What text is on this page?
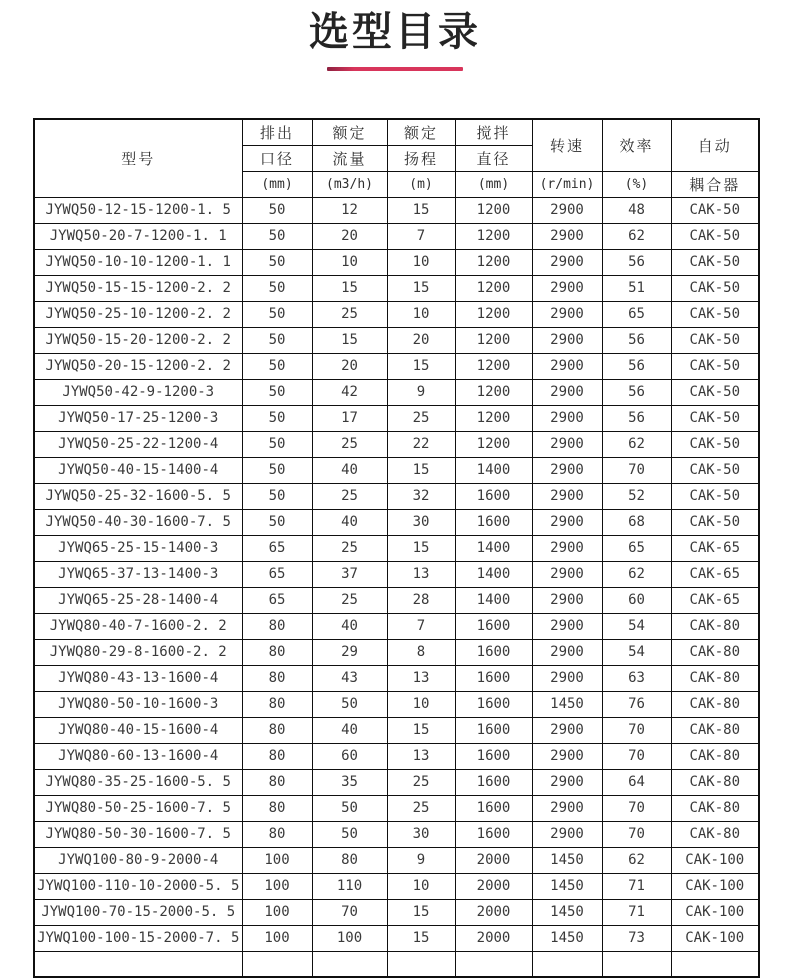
选型目录
型号	排出	额定	额定	搅拌	转速	效率	自动
	口径	流量	扬程	直径			
	(mm)	(m3/h)	(m)	(mm)	(r/min)	(%)	耦合器
JYWQ50-12-15-1200-1. 5	50	12	15	1200	2900	48	CAK-50
JYWQ50-20-7-1200-1. 1	50	20	7	1200	2900	62	CAK-50
JYWQ50-10-10-1200-1. 1	50	10	10	1200	2900	56	CAK-50
JYWQ50-15-15-1200-2. 2	50	15	15	1200	2900	51	CAK-50
JYWQ50-25-10-1200-2. 2	50	25	10	1200	2900	65	CAK-50
JYWQ50-15-20-1200-2. 2	50	15	20	1200	2900	56	CAK-50
JYWQ50-20-15-1200-2. 2	50	20	15	1200	2900	56	CAK-50
JYWQ50-42-9-1200-3	50	42	9	1200	2900	56	CAK-50
JYWQ50-17-25-1200-3	50	17	25	1200	2900	56	CAK-50
JYWQ50-25-22-1200-4	50	25	22	1200	2900	62	CAK-50
JYWQ50-40-15-1400-4	50	40	15	1400	2900	70	CAK-50
JYWQ50-25-32-1600-5. 5	50	25	32	1600	2900	52	CAK-50
JYWQ50-40-30-1600-7. 5	50	40	30	1600	2900	68	CAK-50
JYWQ65-25-15-1400-3	65	25	15	1400	2900	65	CAK-65
JYWQ65-37-13-1400-3	65	37	13	1400	2900	62	CAK-65
JYWQ65-25-28-1400-4	65	25	28	1400	2900	60	CAK-65
JYWQ80-40-7-1600-2. 2	80	40	7	1600	2900	54	CAK-80
JYWQ80-29-8-1600-2. 2	80	29	8	1600	2900	54	CAK-80
JYWQ80-43-13-1600-4	80	43	13	1600	2900	63	CAK-80
JYWQ80-50-10-1600-3	80	50	10	1600	1450	76	CAK-80
JYWQ80-40-15-1600-4	80	40	15	1600	2900	70	CAK-80
JYWQ80-60-13-1600-4	80	60	13	1600	2900	70	CAK-80
JYWQ80-35-25-1600-5. 5	80	35	25	1600	2900	64	CAK-80
JYWQ80-50-25-1600-7. 5	80	50	25	1600	2900	70	CAK-80
JYWQ80-50-30-1600-7. 5	80	50	30	1600	2900	70	CAK-80
JYWQ100-80-9-2000-4	100	80	9	2000	1450	62	CAK-100
JYWQ100-110-10-2000-5. 5	100	110	10	2000	1450	71	CAK-100
JYWQ100-70-15-2000-5. 5	100	70	15	2000	1450	71	CAK-100
JYWQ100-100-15-2000-7. 5	100	100	15	2000	1450	73	CAK-100
